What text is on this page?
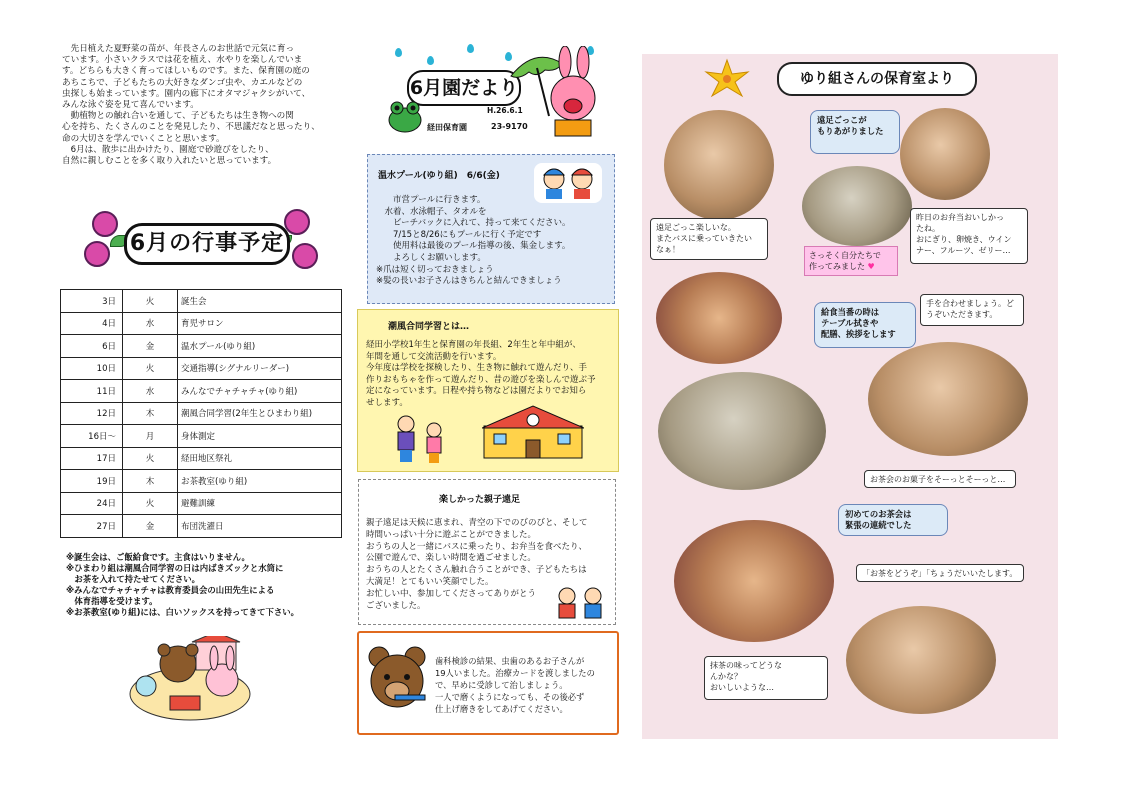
　先日植えた夏野菜の苗が、年長さんのお世話で元気に育っ

ています。小さいクラスでは花を植え、水やりを楽しんでいま

す。どちらも大きく育ってほしいものです。また、保育園の庭の

あちこちで、子どもたちの大好きなダンゴ虫や、カエルなどの

虫探しも始まっています。園内の廊下にオタマジャクシがいて、

みんな泳ぐ姿を見て喜んでいます。

　動植物との触れ合いを通して、子どもたちは生き物への関

心を持ち、たくさんのことを発見したり、不思議だなと思ったり、

命の大切さを学んでいくことと思います。

　6月は、散歩に出かけたり、園庭で砂遊びをしたり、

自然に親しむことを多く取り入れたいと思っています。

6月の行事予定
3日	火	誕生会
4日	水	育児サロン
6日	金	温水プール(ゆり組)
10日	火	交通指導(シグナルリーダー)
11日	水	みんなでチャチャチャ(ゆり組)
12日	木	潮風合同学習(2年生とひまわり組)
16日～	月	身体測定
17日	火	経田地区祭礼
19日	木	お茶教室(ゆり組)
24日	火	避難訓練
27日	金	布団洗濯日
※誕生会は、ご飯給食です。主食はいりません。
※ひまわり組は潮風合同学習の日は内ばきズックと水筒に
　お茶を入れて持たせてください。
※みんなでチャチャチャは教育委員会の山田先生による
　体育指導を受けます。
※お茶教室(ゆり組)には、白いソックスを持ってきて下さい。
6月園だより
H.26.6.1
経田保育園	23-9170
温水プール(ゆり組)　6/6(金)
　　市営プールに行きます。
　水着、水泳帽子、タオルを
　　ビーチバックに入れて、持って来てください。
　　7/15と8/26にもプールに行く予定です
　　使用料は最後のプール指導の後、集金します。
　　よろしくお願いします。
※爪は短く切っておきましょう
※髪の長いお子さんはきちんと結んできましょう
潮風合同学習とは…
経田小学校1年生と保育園の年長組、2年生と年中組が、
年間を通して交流活動を行います。
今年度は学校を探検したり、生き物に触れて遊んだり、手
作りおもちゃを作って遊んだり、昔の遊びを楽しんで遊ぶ予
定になっています。日程や持ち物などは園だよりでお知ら
せします。
楽しかった親子遠足
親子遠足は天候に恵まれ、青空の下でのびのびと、そして
時間いっぱい十分に遊ぶことができました。
おうちの人と一緒にバスに乗ったり、お弁当を食べたり、
公園で遊んで、楽しい時間を過ごせました。
おうちの人とたくさん触れ合うことができ、子どもたちは
大満足！とてもいい笑顔でした。
お忙しい中、参加してくださってありがとう
ございました。
歯科検診の結果、虫歯のあるお子さんが
19人いました。治療カードを渡しましたの
で、早めに受診して治しましょう。
一人で磨くようになっても、その後必ず
仕上げ磨きをしてあげてください。
ゆり組さんの保育室より
遠足ごっこが
もりあがりました
遠足ごっこ楽しいな。
またバスに乗っていきたい
なぁ！
昨日のお弁当おいしかっ
たね。
おにぎり、卵焼き、ウイン
ナー、フルーツ、ゼリー…
さっそく自分たちで
作ってみました ♥
給食当番の時は
テーブル拭きや
配膳、挨拶をします
手を合わせましょう。ど
うぞいただきます。
お茶会のお菓子をそーっとそーっと…
初めてのお茶会は
緊張の連続でした
「お茶をどうぞ」「ちょうだいいたします。
抹茶の味ってどうな
んかな？
おいしいような…
